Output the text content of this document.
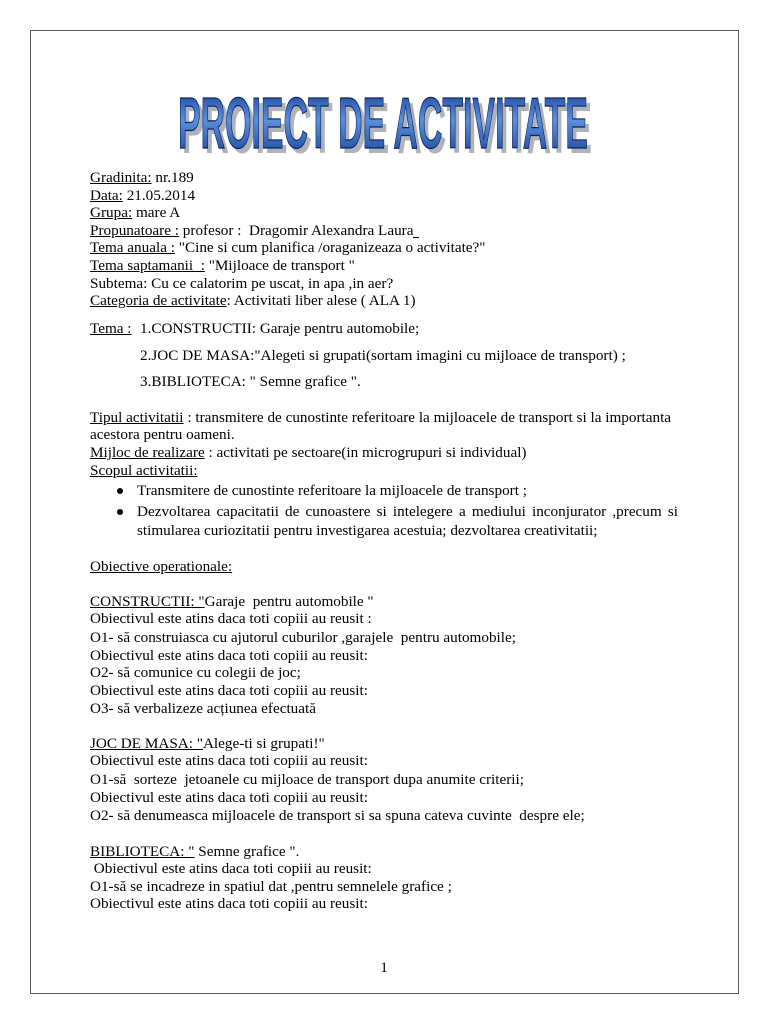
PROIECT DE ACTIVITATE
PROIECT DE ACTIVITATE
Gradinita: nr.189
Data: 21.05.2014
Grupa: mare A
Propunatoare : profesor :  Dragomir Alexandra Laura
Tema anuala : "Cine si cum planifica /oraganizeaza o activitate?"
Tema saptamanii  : "Mijloace de transport "
Subtema: Cu ce calatorim pe uscat, in apa ,in aer?
Categoria de activitate: Activitati liber alese ( ALA 1)
Tema : 1.CONSTRUCTII: Garaje pentru automobile;
2.JOC DE MASA:"Alegeti si grupati(sortam imagini cu mijloace de transport) ;
3.BIBLIOTECA: " Semne grafice ".
Tipul activitatii : transmitere de cunostinte referitoare la mijloacele de transport si la importanta
acestora pentru oameni.
Mijloc de realizare : activitati pe sectoare(in microgrupuri si individual)
Scopul activitatii:
Transmitere de cunostinte referitoare la mijloacele de transport ;
Dezvoltarea capacitatii de cunoastere si intelegere a mediului inconjurator ,precum si
stimularea curiozitatii pentru investigarea acestuia; dezvoltarea creativitatii;
Obiective operationale:
CONSTRUCTII: "Garaje  pentru automobile "
Obiectivul este atins daca toti copiii au reusit :
O1- să construiasca cu ajutorul cuburilor ,garajele  pentru automobile;
Obiectivul este atins daca toti copiii au reusit:
O2- să comunice cu colegii de joc;
Obiectivul este atins daca toti copiii au reusit:
O3- să verbalizeze acțiunea efectuată
JOC DE MASA: "Alege-ti si grupati!"
Obiectivul este atins daca toti copiii au reusit:
O1-să  sorteze  jetoanele cu mijloace de transport dupa anumite criterii;
Obiectivul este atins daca toti copiii au reusit:
O2- să denumeasca mijloacele de transport si sa spuna cateva cuvinte  despre ele;
BIBLIOTECA: " Semne grafice ".
Obiectivul este atins daca toti copiii au reusit:
O1-să se incadreze in spatiul dat ,pentru semnelele grafice ;
Obiectivul este atins daca toti copiii au reusit:
1
